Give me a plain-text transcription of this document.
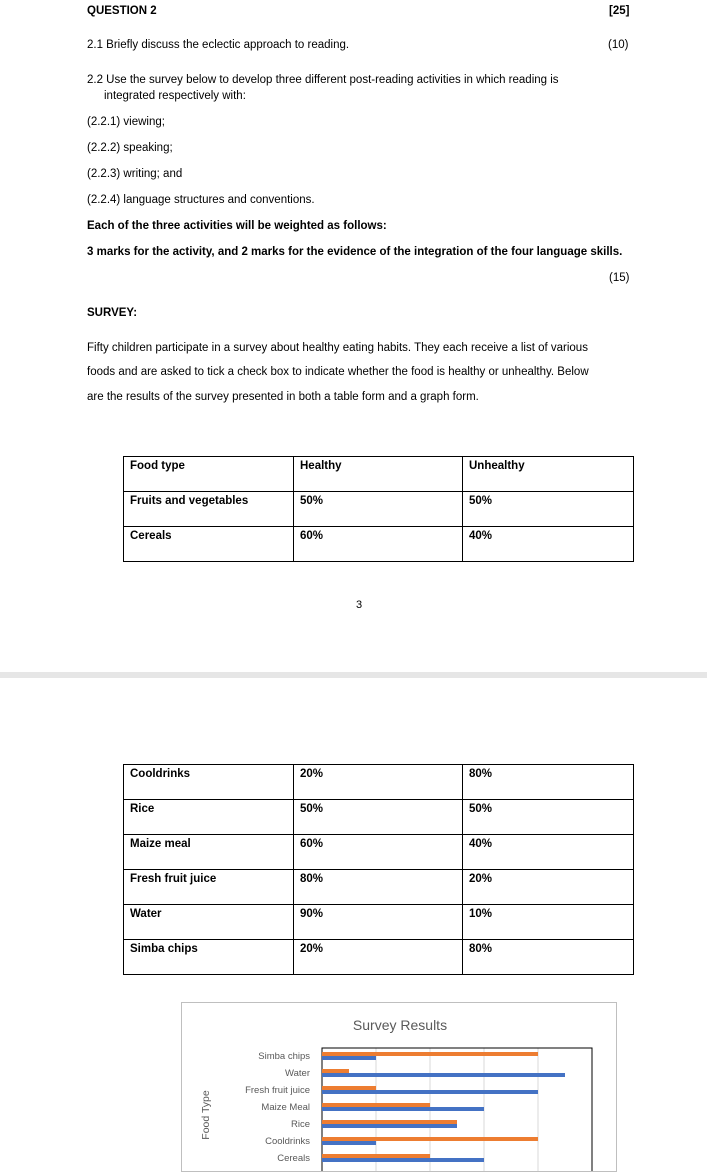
QUESTION 2	[25]
2.1 Briefly discuss the eclectic approach to reading.	(10)
2.2 Use the survey below to develop three different post-reading activities in which reading is
integrated respectively with:
(2.2.1) viewing;
(2.2.2) speaking;
(2.2.3) writing; and
(2.2.4) language structures and conventions.
Each of the three activities will be weighted as follows:
3 marks for the activity, and 2 marks for the evidence of the integration of the four language skills.
(15)
SURVEY:
Fifty children participate in a survey about healthy eating habits. They each receive a list of various
foods and are asked to tick a check box to indicate whether the food is healthy or unhealthy. Below
are the results of the survey presented in both a table form and a graph form.
Food type	Healthy	Unhealthy
Fruits and vegetables	50%	50%
Cereals	60%	40%
3
Cooldrinks	20%	80%
Rice	50%	50%
Maize meal	60%	40%
Fresh fruit juice	80%	20%
Water	90%	10%
Simba chips	20%	80%
Survey Results
Food Type
Simba chips
Water
Fresh fruit juice
Maize Meal
Rice
Cooldrinks
Cereals
